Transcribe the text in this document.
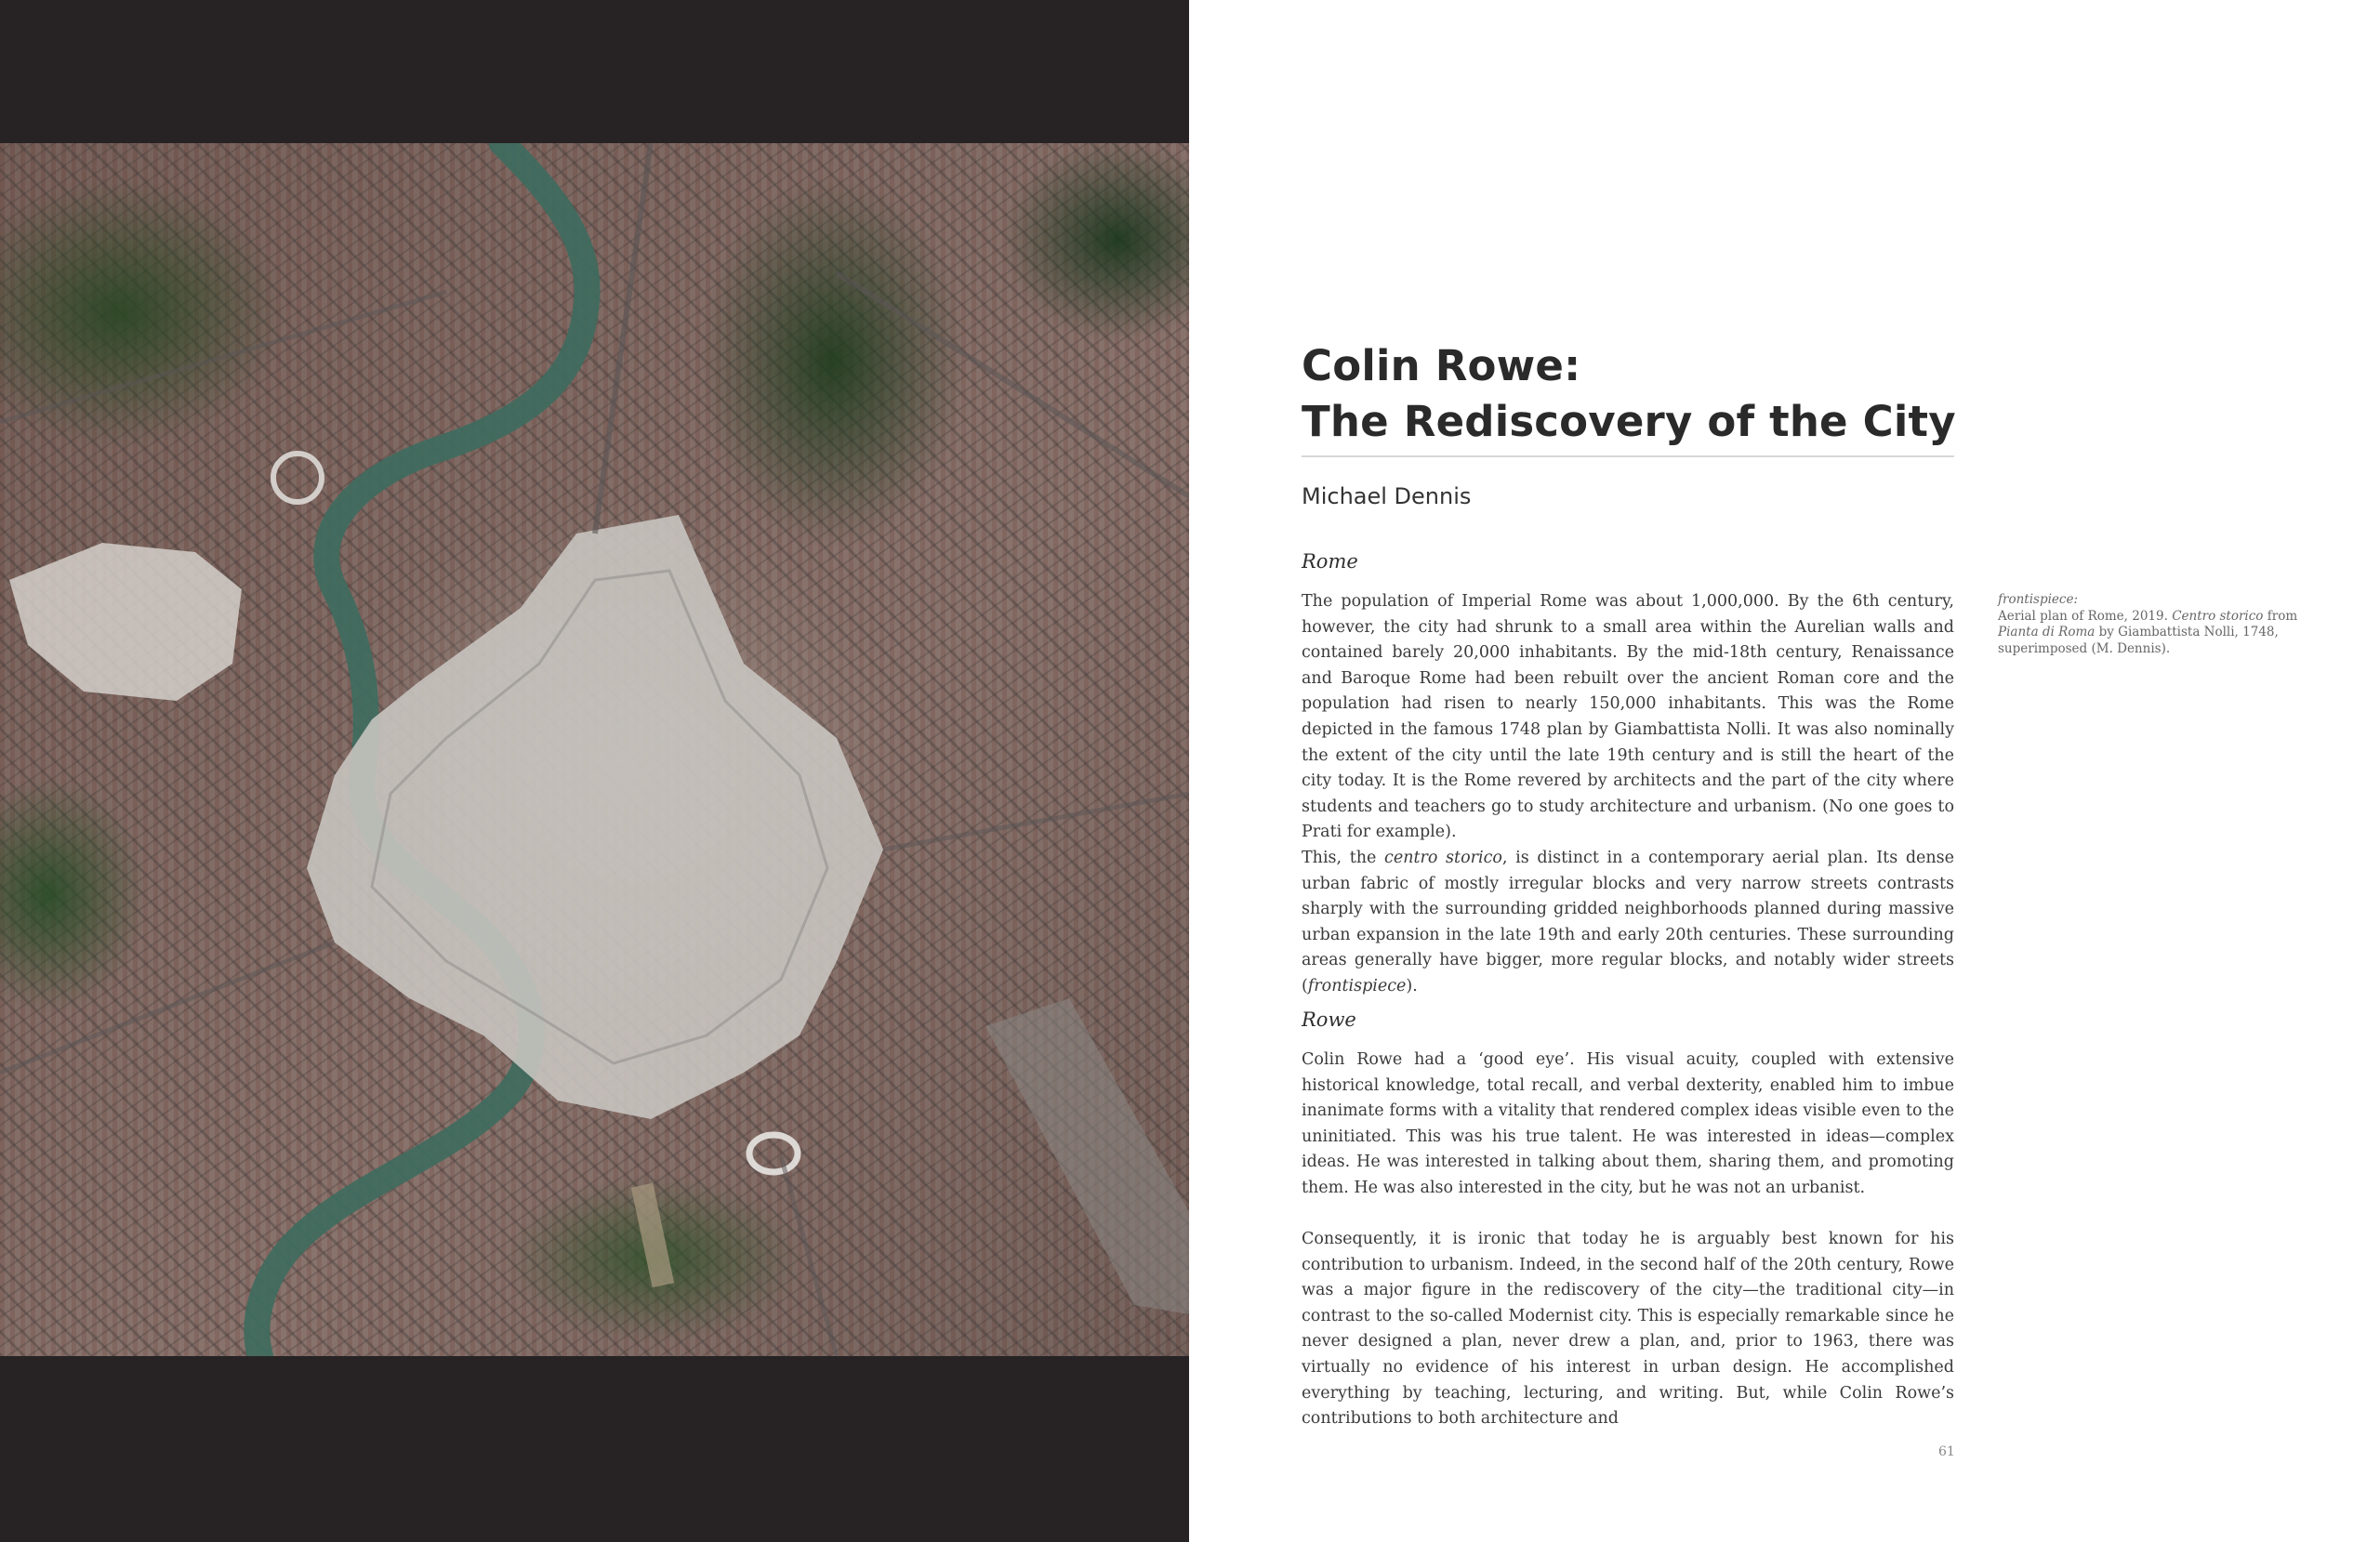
Colin Rowe:
The Rediscovery of the City
Michael Dennis
Rome

The population of Imperial Rome was about 1,000,000. By the 6th century, however, the city had shrunk to a small area within the Aurelian walls and contained barely 20,000 inhabitants. By the mid-18th century, Renaissance and Baroque Rome had been rebuilt over the ancient Roman core and the population had risen to nearly 150,000 inhabitants. This was the Rome depicted in the famous 1748 plan by Giambattista Nolli. It was also nominally the extent of the city until the late 19th century and is still the heart of the city today. It is the Rome revered by architects and the part of the city where students and teachers go to study architecture and urbanism. (No one goes to Prati for example).

This, the centro storico, is distinct in a contemporary aerial plan. Its dense urban fabric of mostly irregular blocks and very narrow streets contrasts sharply with the surrounding gridded neighborhoods planned during massive urban expansion in the late 19th and early 20th centuries. These surrounding areas generally have bigger, more regular blocks, and notably wider streets (frontispiece).

Rowe

Colin Rowe had a ‘good eye’. His visual acuity, coupled with extensive historical knowledge, total recall, and verbal dexterity, enabled him to imbue inanimate forms with a vitality that rendered complex ideas visible even to the uninitiated. This was his true talent. He was interested in ideas—complex ideas. He was interested in talking about them, sharing them, and promoting them. He was also interested in the city, but he was not an urbanist.

Consequently, it is ironic that today he is arguably best known for his contribution to urbanism. Indeed, in the second half of the 20th century, Rowe was a major figure in the rediscovery of the city—the traditional city—in contrast to the so-called Modernist city. This is especially remarkable since he never designed a plan, never drew a plan, and, prior to 1963, there was virtually no evidence of his interest in urban design. He accomplished everything by teaching, lecturing, and writing. But, while Colin Rowe’s contributions to both architecture and

frontispiece:
Aerial plan of Rome, 2019. Centro storico from Pianta di Roma by Giambattista Nolli, 1748, superimposed (M. Dennis).
61
